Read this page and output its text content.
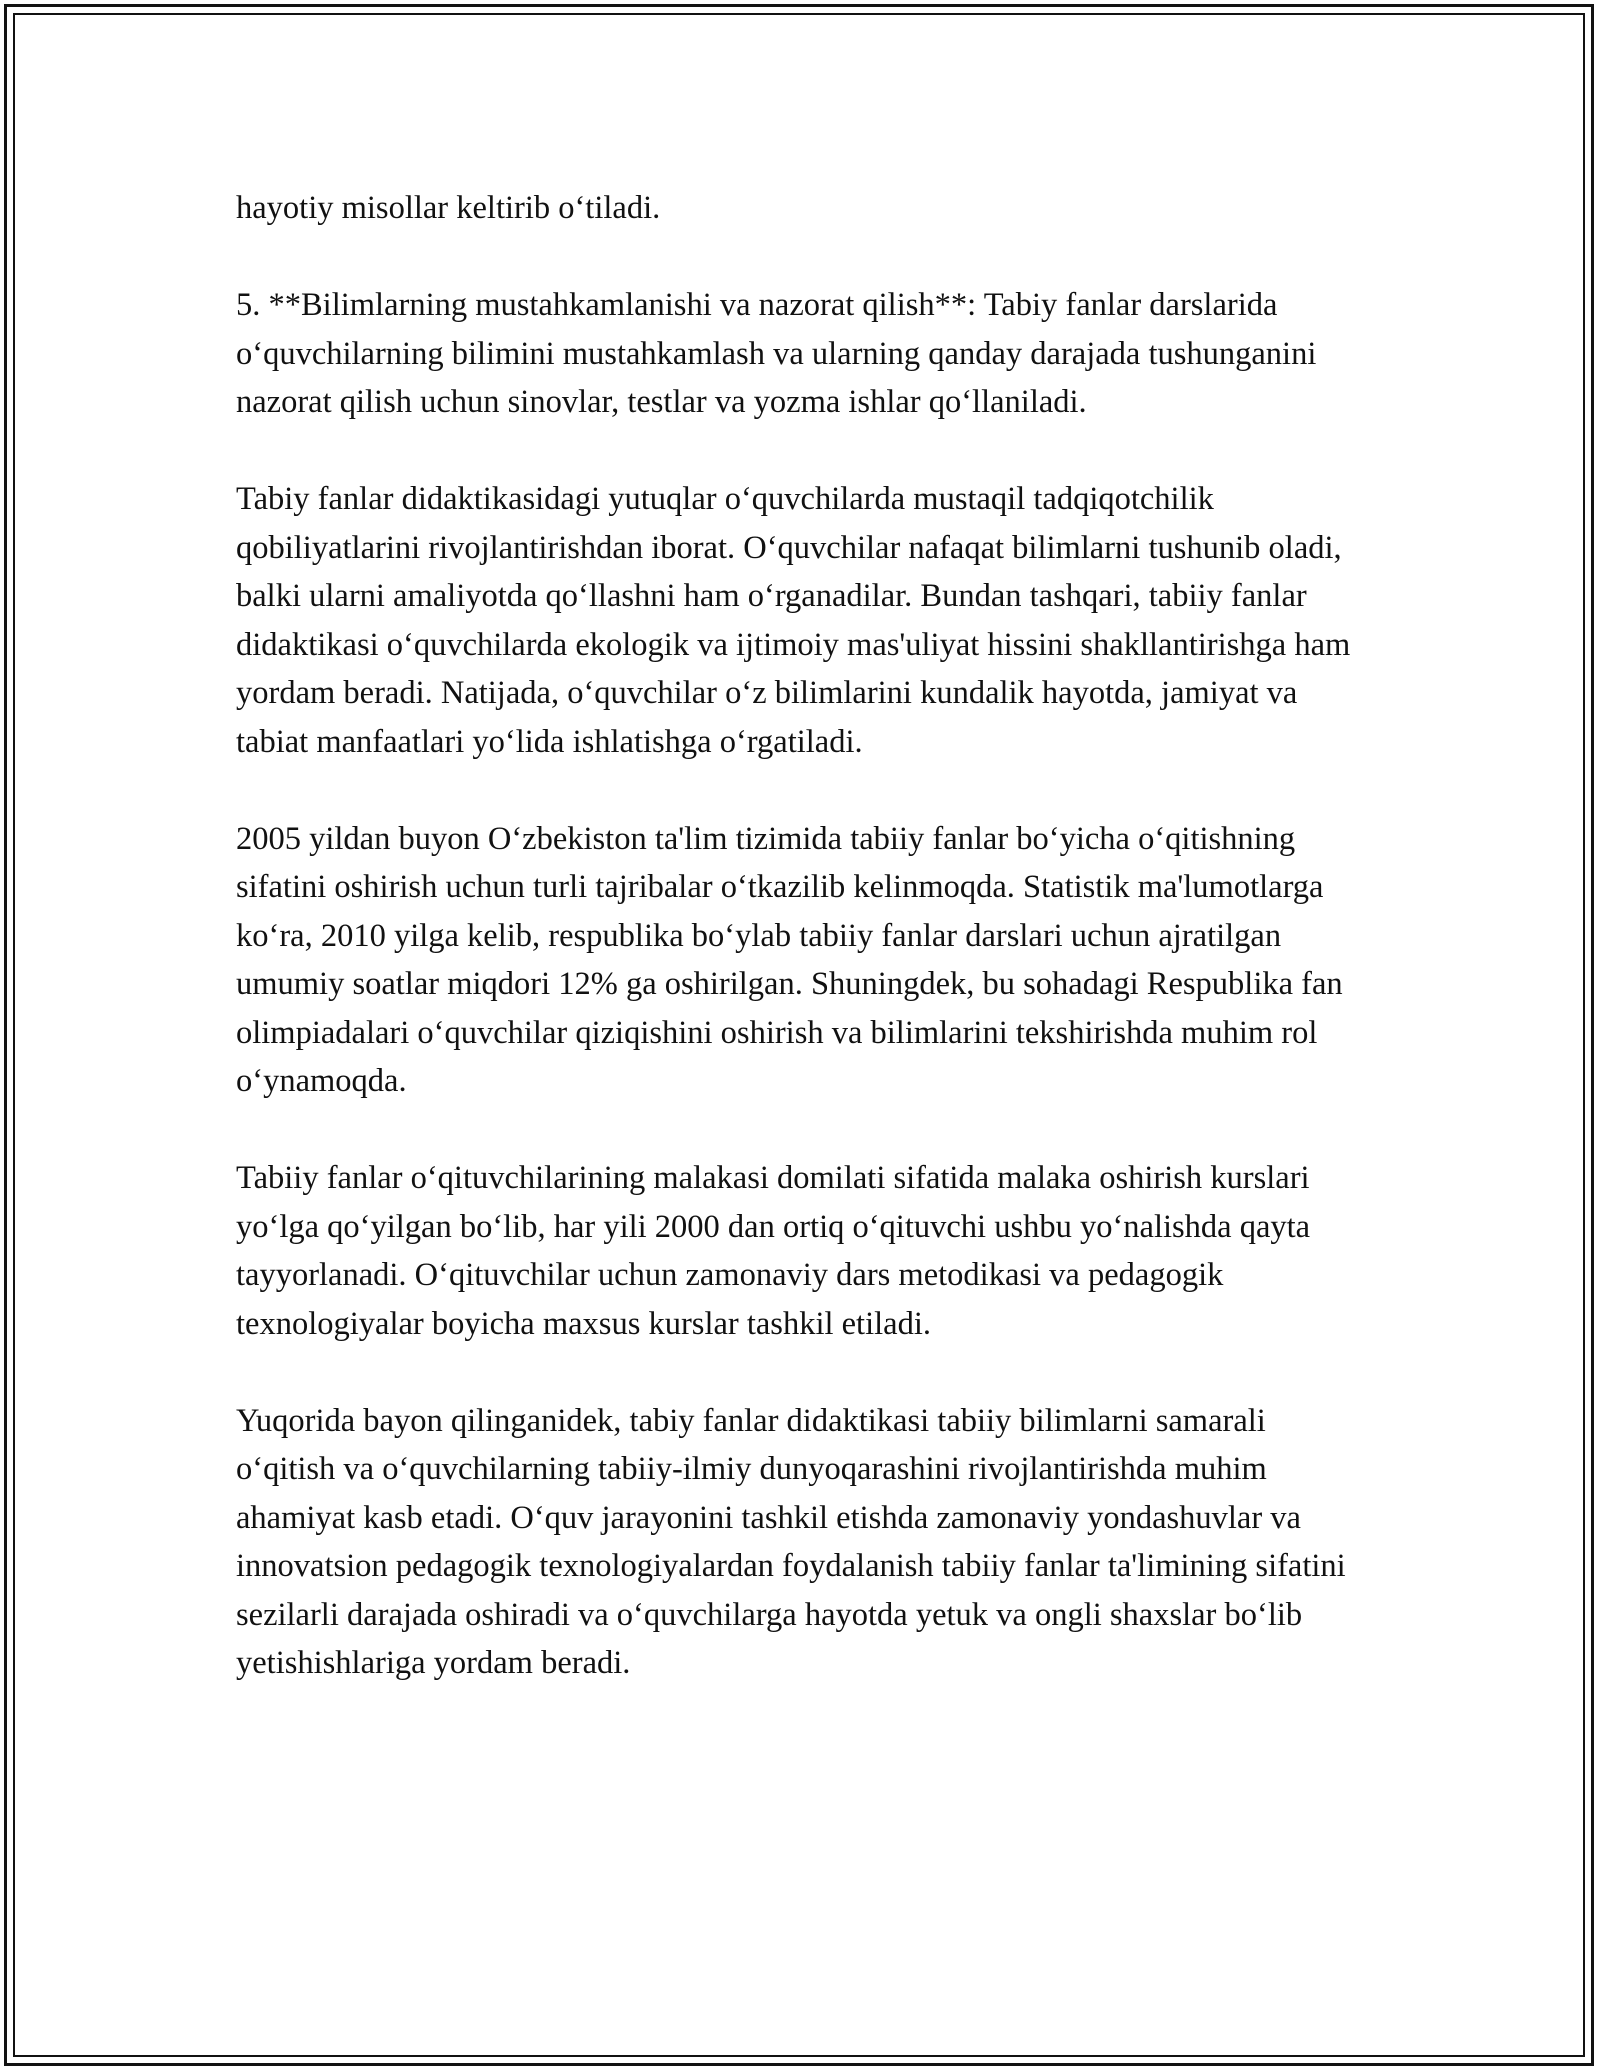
hayotiy misollar keltirib o‘tiladi.

5. **Bilimlarning mustahkamlanishi va nazorat qilish**: Tabiy fanlar darslarida o‘quvchilarning bilimini mustahkamlash va ularning qanday darajada tushunganini nazorat qilish uchun sinovlar, testlar va yozma ishlar qo‘llaniladi.

Tabiy fanlar didaktikasidagi yutuqlar o‘quvchilarda mustaqil tadqiqotchilik qobiliyatlarini rivojlantirishdan iborat. O‘quvchilar nafaqat bilimlarni tushunib oladi, balki ularni amaliyotda qo‘llashni ham o‘rganadilar. Bundan tashqari, tabiiy fanlar didaktikasi o‘quvchilarda ekologik va ijtimoiy mas'uliyat hissini shakllantirishga ham yordam beradi. Natijada, o‘quvchilar o‘z bilimlarini kundalik hayotda, jamiyat va tabiat manfaatlari yo‘lida ishlatishga o‘rgatiladi.

2005 yildan buyon O‘zbekiston ta'lim tizimida tabiiy fanlar bo‘yicha o‘qitishning sifatini oshirish uchun turli tajribalar o‘tkazilib kelinmoqda. Statistik ma'lumotlarga ko‘ra, 2010 yilga kelib, respublika bo‘ylab tabiiy fanlar darslari uchun ajratilgan umumiy soatlar miqdori 12% ga oshirilgan. Shuningdek, bu sohadagi Respublika fan olimpiadalari o‘quvchilar qiziqishini oshirish va bilimlarini tekshirishda muhim rol o‘ynamoqda.

Tabiiy fanlar o‘qituvchilarining malakasi domilati sifatida malaka oshirish kurslari yo‘lga qo‘yilgan bo‘lib, har yili 2000 dan ortiq o‘qituvchi ushbu yo‘nalishda qayta tayyorlanadi. O‘qituvchilar uchun zamonaviy dars metodikasi va pedagogik texnologiyalar boyicha maxsus kurslar tashkil etiladi.

Yuqorida bayon qilinganidek, tabiy fanlar didaktikasi tabiiy bilimlarni samarali o‘qitish va o‘quvchilarning tabiiy-ilmiy dunyoqarashini rivojlantirishda muhim ahamiyat kasb etadi. O‘quv jarayonini tashkil etishda zamonaviy yondashuvlar va innovatsion pedagogik texnologiyalardan foydalanish tabiiy fanlar ta'limining sifatini sezilarli darajada oshiradi va o‘quvchilarga hayotda yetuk va ongli shaxslar bo‘lib yetishishlariga yordam beradi.
